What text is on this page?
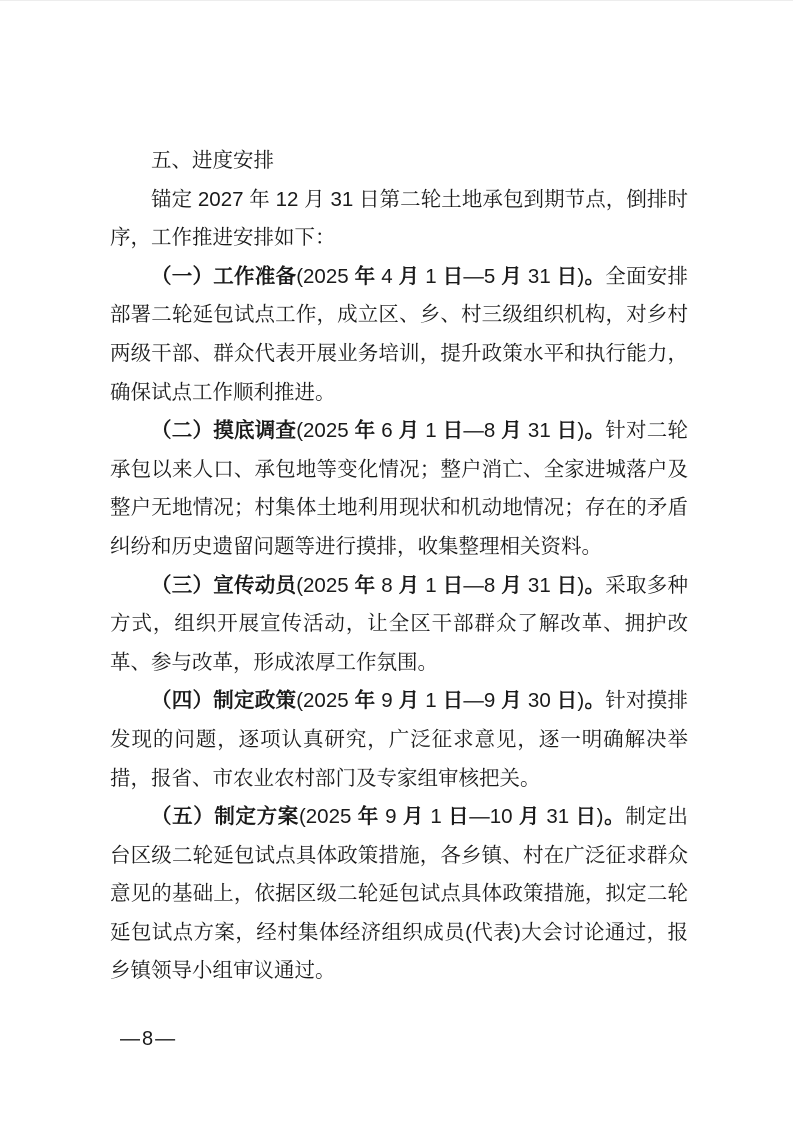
五、进度安排

锚定 2027 年 12 月 31 日第二轮土地承包到期节点，倒排时序，工作推进安排如下：

（一）工作准备(2025 年 4 月 1 日—5 月 31 日)。全面安排部署二轮延包试点工作，成立区、乡、村三级组织机构，对乡村两级干部、群众代表开展业务培训，提升政策水平和执行能力，确保试点工作顺利推进。

（二）摸底调查(2025 年 6 月 1 日—8 月 31 日)。针对二轮承包以来人口、承包地等变化情况；整户消亡、全家进城落户及整户无地情况；村集体土地利用现状和机动地情况；存在的矛盾纠纷和历史遗留问题等进行摸排，收集整理相关资料。

（三）宣传动员(2025 年 8 月 1 日—8 月 31 日)。采取多种方式，组织开展宣传活动，让全区干部群众了解改革、拥护改革、参与改革，形成浓厚工作氛围。

（四）制定政策(2025 年 9 月 1 日—9 月 30 日)。针对摸排发现的问题，逐项认真研究，广泛征求意见，逐一明确解决举措，报省、市农业农村部门及专家组审核把关。

（五）制定方案(2025 年 9 月 1 日—10 月 31 日)。制定出台区级二轮延包试点具体政策措施，各乡镇、村在广泛征求群众意见的基础上，依据区级二轮延包试点具体政策措施，拟定二轮延包试点方案，经村集体经济组织成员(代表)大会讨论通过，报乡镇领导小组审议通过。

—8—
